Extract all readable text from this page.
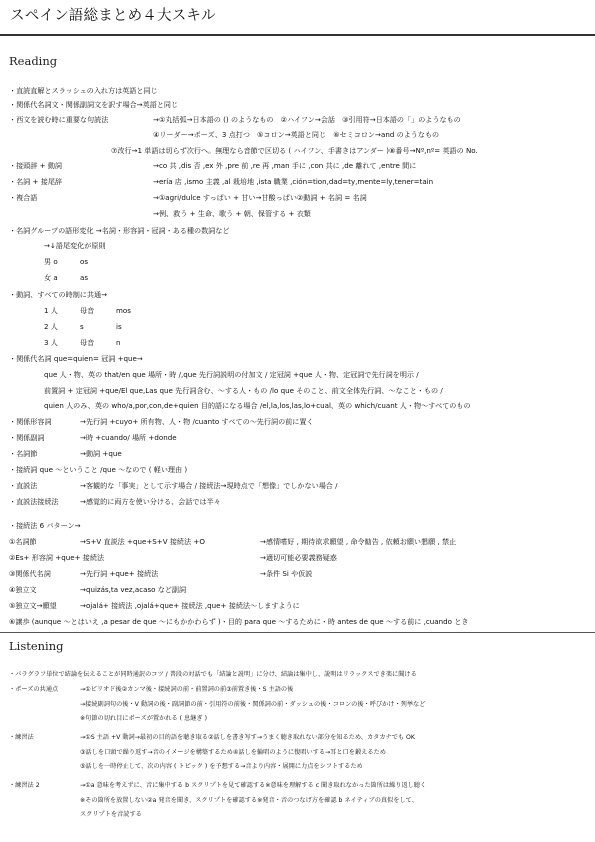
スペイン語総まとめ４大スキル
Reading
・直読直解とスラッシュの入れ方は英語と同じ
・関係代名詞文・関係副詞文を訳す場合→英語と同じ
・西文を読む時に重要な句読法	→①丸括弧→日本語の () のようなもの　②ハイフン→会話　③引用符→日本語の「」のようなもの
④リーダー→ポーズ、3 点打つ　⑤コロン→英語と同じ　⑥セミコロン→and のようなもの
⑦改行→1 単語は切らず次行へ。無理なら音節で区切る ( ハイフン、手書きはアンダー )⑧番号→Nº,nº= 英語の No.
・接頭辞 + 動詞	→co 共 ,dis 否 ,ex 外 ,pre 前 ,re 再 ,man 手に ,con 共に ,de 離れて ,entre 間に
・名詞 + 接尾辞	→ería 店 ,ismo 主義 ,al 栽培地 ,ista 職業 ,ción=tion,dad=ty,mente=ly,tener=tain
・複合語	→①agri/dulce すっぱい + 甘い→甘酸っぱい②動詞 + 名詞 = 名詞
→例、救う + 生命、歌う + 朝、保管する + 衣類
・名詞グループの語形変化 →名詞・形容詞・冠詞・ある種の数詞など
→↓語尾変化が原則
男 o	os
女 a	as
・動詞、すべての時制に共通→
1 人	母音	mos
2 人	s	is
3 人	母音	n
・関係代名詞 que=quien= 冠詞 +que→
que 人・物、英の that/en que 場所・時 /,que 先行詞説明の付加文 / 定冠詞 +que 人・物、定冠詞で先行詞を明示 /
前置詞 + 定冠詞 +que/El que,Las que 先行詞含む、～する人・もの /lo que そのこと、前文全体先行詞、～なこと・もの /
quien 人のみ、英の who/a,por,con,de+quien 目的語になる場合 /el,la,los,las,lo+cual、英の which/cuant 人・物～すべてのもの
・関係形容詞	→先行詞 +cuyo+ 所有物、人・物 /cuanto すべての～先行詞の前に置く
・関係副詞	→時 +cuando/ 場所 +donde
・名詞節	→動詞 +que
・接続詞 que ～ということ /que ～なので ( 軽い理由 )
・直説法	→客観的な「事実」として示す場合 / 接続法→現時点で「想像」でしかない場合 /
・直説法接続法	→感覚的に両方を使い分ける、会話では半々
・接続法 6 パターン→
①名詞節	→S+V 直説法 +que+S+V 接続法 +O	→感情嗜好 , 期待欲求願望 , 命令勧告 , 依頼お願い懇願 , 禁止
②Es+ 形容詞 +que+ 接続法	→適切可能必要義務疑惑
③関係代名詞	→先行詞 +que+ 接続法	→条件 Si や仮説
④独立文	→quizás,ta vez,acaso など副詞
⑤独立文→願望	→ojalá+ 接続法 ,ojalá+que+ 接続法 ,que+ 接続法～しますように
⑥譲歩 (aunque ～とはいえ ,a pesar de que ～にもかかわらず )・目的 para que ～するために・時 antes de que ～する前に ,cuando とき
Listening
・パラグラフ単位で結論を伝えることが同時通訳のコツ / 普段の対話でも「結論と説明」に分け、結論は集中し、説明はリラックスでき楽に聞ける
・ポーズの共通点	→①ピリオド後②カンマ後・接続詞の前・前置詞の前③前置き後・S 主語の後
→接続副詞句の後・V 動詞の後・副詞節の前・引用符の前後・関係詞の前・ダッシュの後・コロンの後・呼びかけ・列挙など
※句節の切れ目にポーズが置かれる ( 息継ぎ )
・練習法	→①S 主語 +V 動詞→最初の目的語を聴き取る②話しを書き写す→うまく聴き取れない部分を知るため、カタカナでも OK
③話しを口頭で繰り返す→音のイメージを構築するため④話しを輪唱のように復唱いする→耳と口を鍛えるため
⑤話しを一時停止して、次の内容 ( トピック ) を予想する→音より内容・展開に力点をシフトするため
・練習法 2	→①a 意味を考えずに、音に集中する b スクリプトを見て確認する※意味を理解する c 聞き取れなかった箇所は繰り返し聴く
※その箇所を放置しない②a 発音を聞き、スクリプトを確認する※発音・音のつなげ方を確認 b ネイティブの真似をして、
スクリプトを音読する
